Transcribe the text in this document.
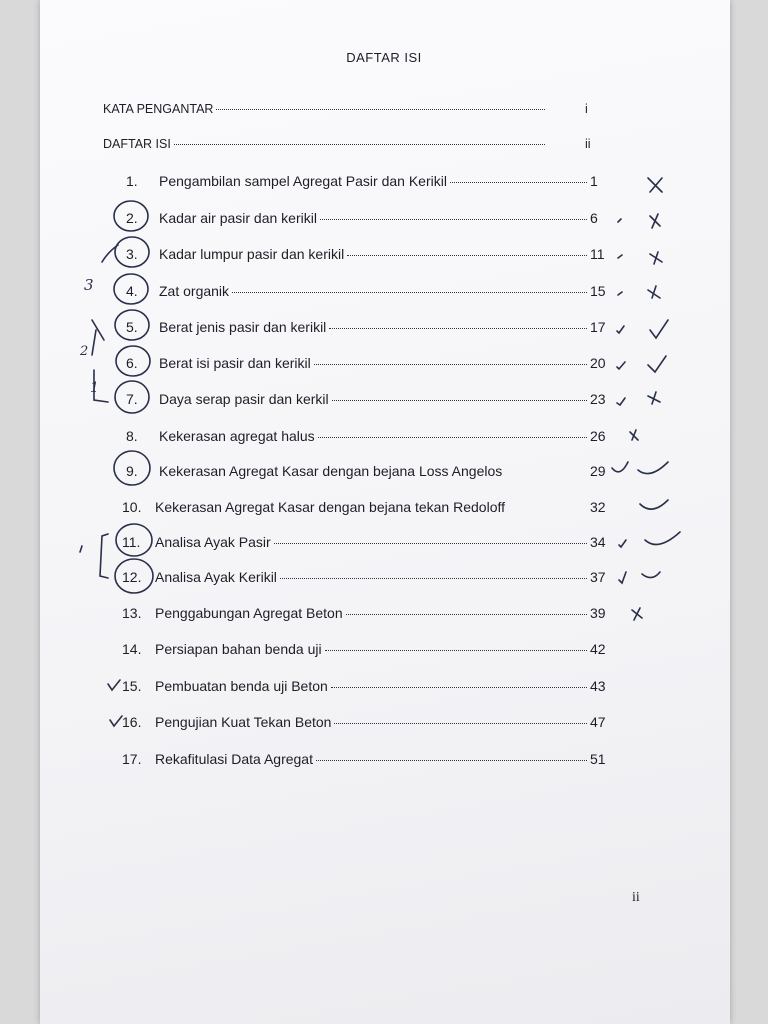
DAFTAR ISI
KATA PENGANTAR	i
DAFTAR ISI	ii
1.	Pengambilan sampel Agregat Pasir dan Kerikil	1
2.	Kadar air pasir dan kerikil	6
3.	Kadar lumpur pasir dan kerikil	11
4.	Zat organik	15
5.	Berat jenis pasir dan kerikil	17
6.	Berat isi pasir dan kerikil	20
7.	Daya serap pasir dan kerkil	23
8.	Kekerasan agregat halus	26
9.	Kekerasan Agregat Kasar dengan bejana Loss Angelos	29
10. Kekerasan Agregat Kasar dengan bejana tekan Redoloff	32
11.	Analisa Ayak Pasir	34
12. Analisa Ayak Kerikil	37
13. Penggabungan Agregat Beton	39
14. Persiapan bahan benda uji	42
15. Pembuatan benda uji Beton	43
16. Pengujian Kuat Tekan Beton	47
17. Rekafitulasi Data Agregat	51
ii
3
2
1
